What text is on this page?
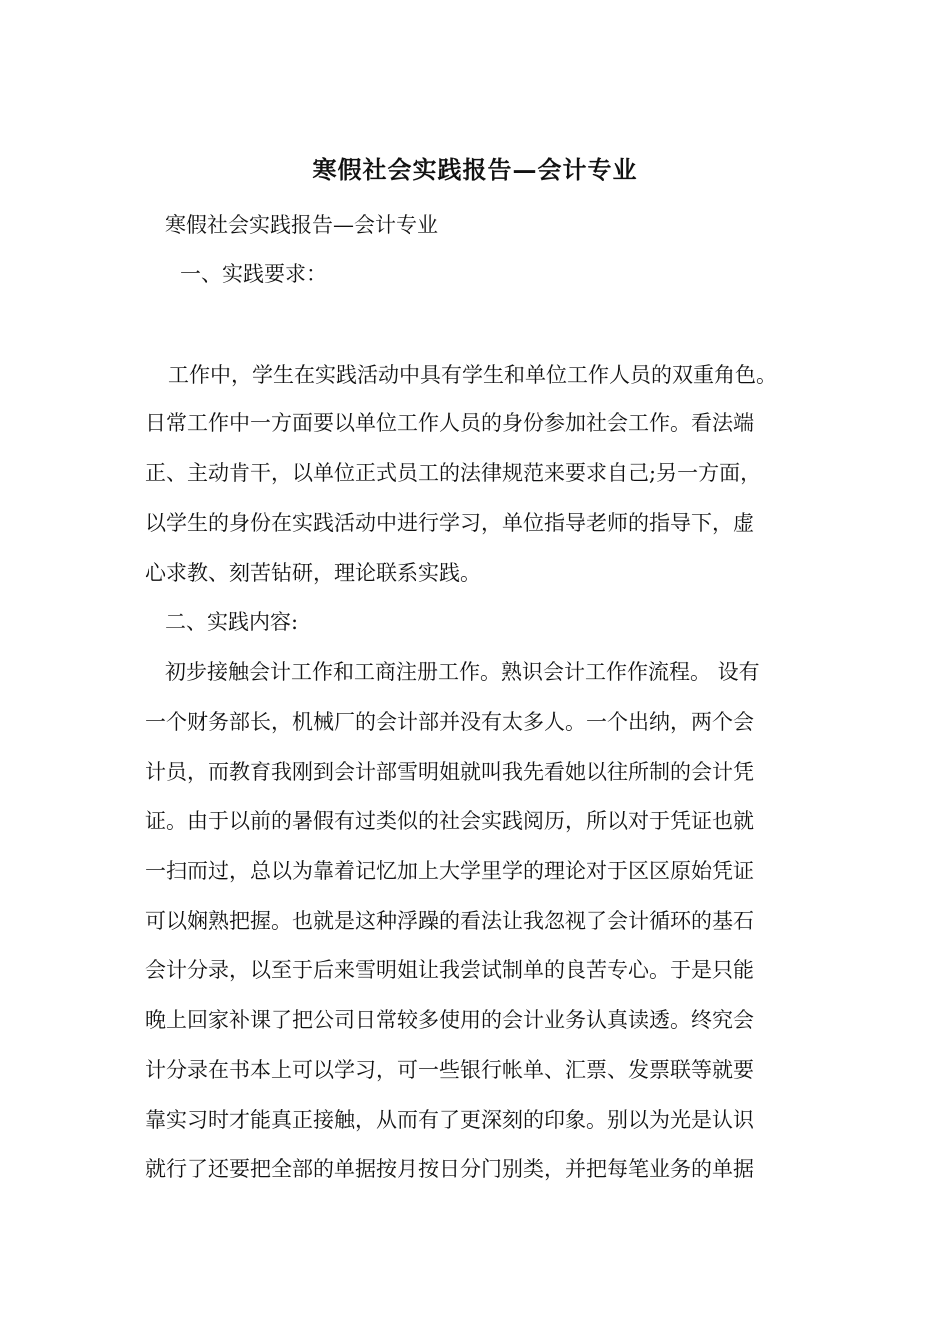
寒假社会实践报告—会计专业
寒假社会实践报告—会计专业
一、实践要求：
工作中，学生在实践活动中具有学生和单位工作人员的双重角色。
日常工作中一方面要以单位工作人员的身份参加社会工作。看法端
正、主动肯干，以单位正式员工的法律规范来要求自己;另一方面，
以学生的身份在实践活动中进行学习，单位指导老师的指导下，虚
心求教、刻苦钻研，理论联系实践。
二、实践内容:
初步接触会计工作和工商注册工作。熟识会计工作作流程。 设有
一个财务部长，机械厂的会计部并没有太多人。一个出纳，两个会
计员，而教育我刚到会计部雪明姐就叫我先看她以往所制的会计凭
证。由于以前的暑假有过类似的社会实践阅历，所以对于凭证也就
一扫而过，总以为靠着记忆加上大学里学的理论对于区区原始凭证
可以娴熟把握。也就是这种浮躁的看法让我忽视了会计循环的基石
会计分录，以至于后来雪明姐让我尝试制单的良苦专心。于是只能
晚上回家补课了把公司日常较多使用的会计业务认真读透。终究会
计分录在书本上可以学习，可一些银行帐单、汇票、发票联等就要
靠实习时才能真正接触，从而有了更深刻的印象。别以为光是认识
就行了还要把全部的单据按月按日分门别类，并把每笔业务的单据
